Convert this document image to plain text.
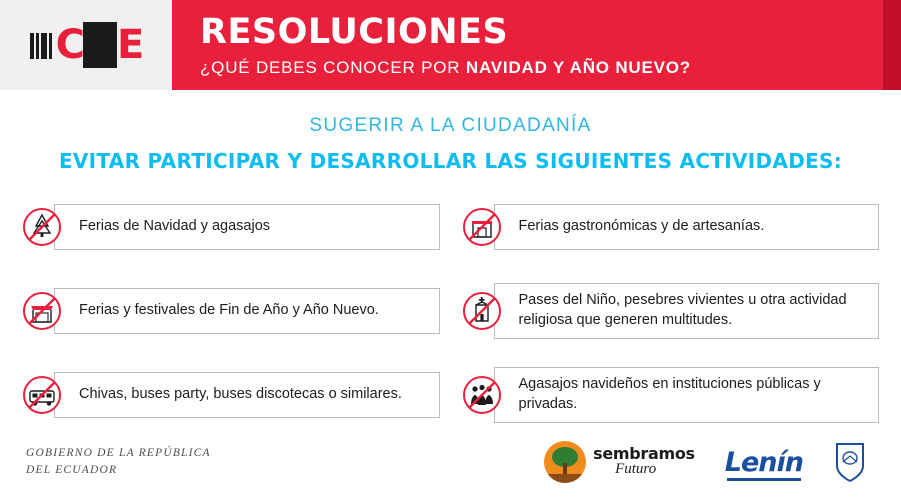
COE RESOLUCIONES
¿QUÉ DEBES CONOCER POR NAVIDAD Y AÑO NUEVO?
SUGERIR A LA CIUDADANÍA
EVITAR PARTICIPAR Y DESARROLLAR LAS SIGUIENTES ACTIVIDADES:
Ferias de Navidad y agasajos	Ferias gastronómicas y de artesanías.
Ferias y festivales de Fin de Año y Año Nuevo.
Pases del Niño, pesebres vivientes u otra actividad religiosa que generen multitudes.
Chivas, buses party, buses discotecas o similares.
Agasajos navideños en instituciones públicas y privadas.
GOBIERNO DE LA REPÚBLICA
DEL ECUADOR
sembramos
Futuro	Lenín
